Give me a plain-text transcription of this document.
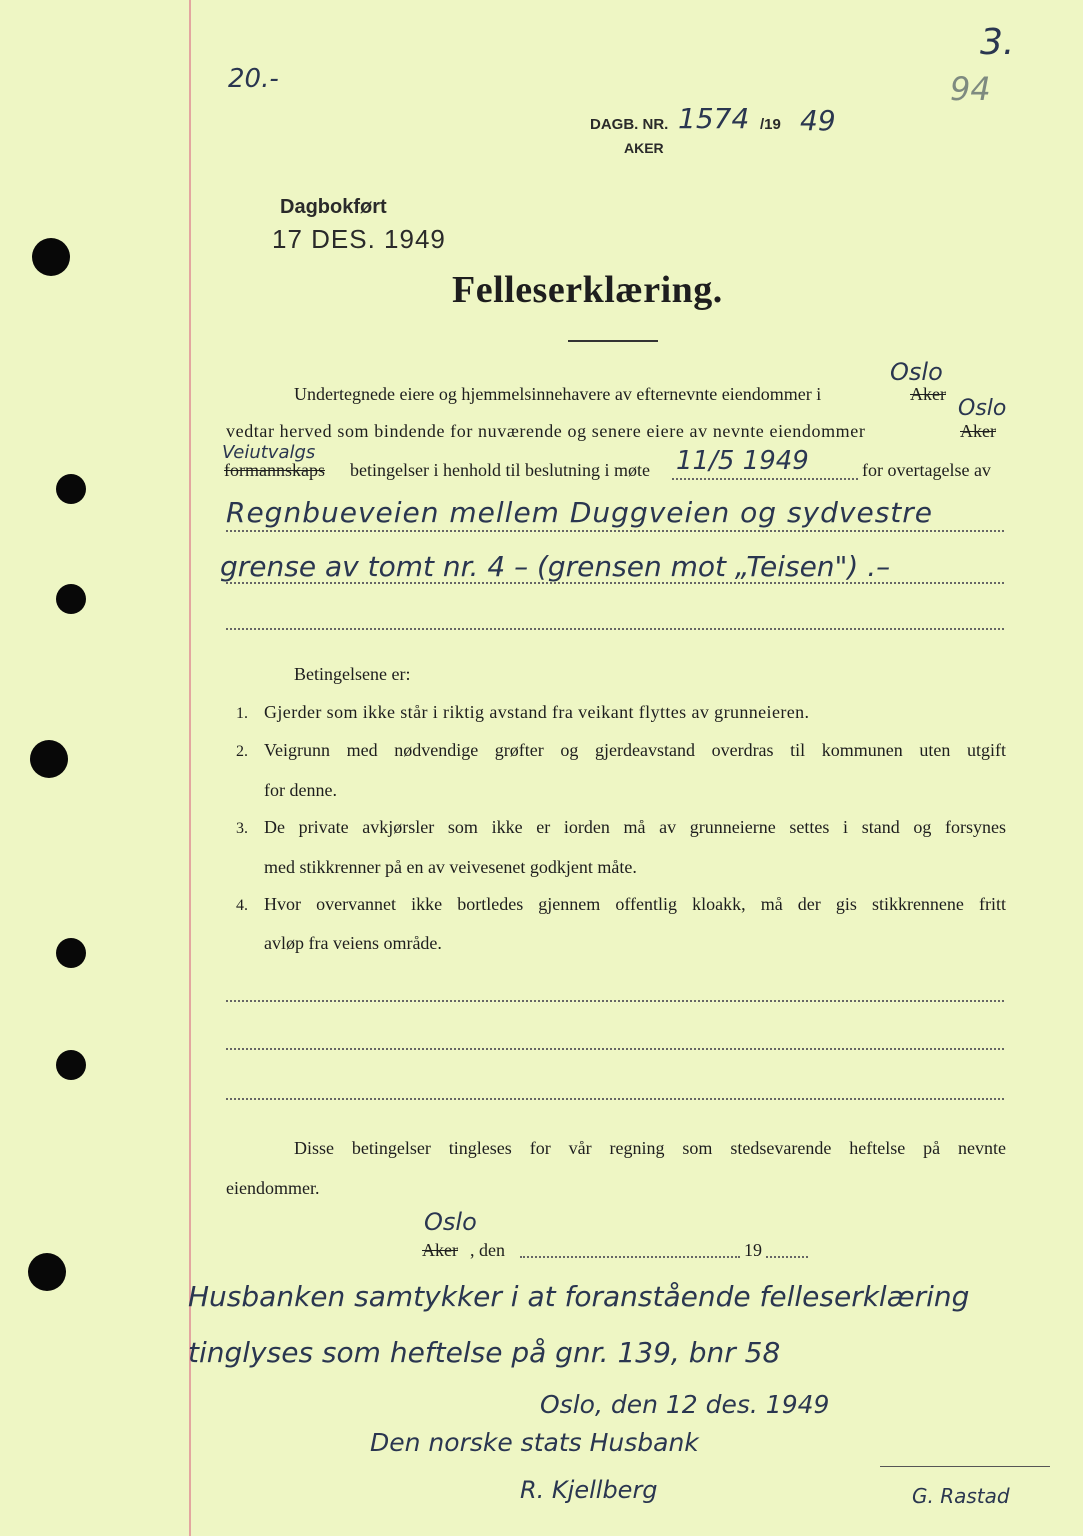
20.-
3.
94
DAGB. NR. 1574 /19 49
AKER
Dagbokført
17 DES. 1949
Felleserklæring.
Oslo
Undertegnede eiere og hjemmelsinnehavere av efternevnte eiendommer i	Aker
Oslo
vedtar herved som bindende for nuværende og senere eiere av nevnte eiendommer	Aker
Veiutvalgs
formannskaps betingelser i henhold til beslutning i møte 11/5 1949	for overtagelse av
Regnbueveien mellem Duggveien og sydvestre
grense av tomt nr. 4 – (grensen mot „Teisen") .–
Betingelsene er:
1. Gjerder som ikke står i riktig avstand fra veikant flyttes av grunneieren.
2. Veigrunn med nødvendige grøfter og gjerdeavstand overdras til kommunen uten utgift
for denne.
3. De private avkjørsler som ikke er iorden må av grunneierne settes i stand og forsynes
med stikkrenner på en av veivesenet godkjent måte.
4. Hvor overvannet ikke bortledes gjennem offentlig kloakk, må der gis stikkrennene fritt
avløp fra veiens område.
Disse betingelser tingleses for vår regning som stedsevarende heftelse på nevnte
eiendommer.
Oslo
Aker , den	19
Husbanken samtykker i at foranstående felleserklæring
tinglyses som heftelse på gnr. 139, bnr 58
Oslo, den 12 des. 1949
Den norske stats Husbank
R. Kjellberg	G. Rastad
